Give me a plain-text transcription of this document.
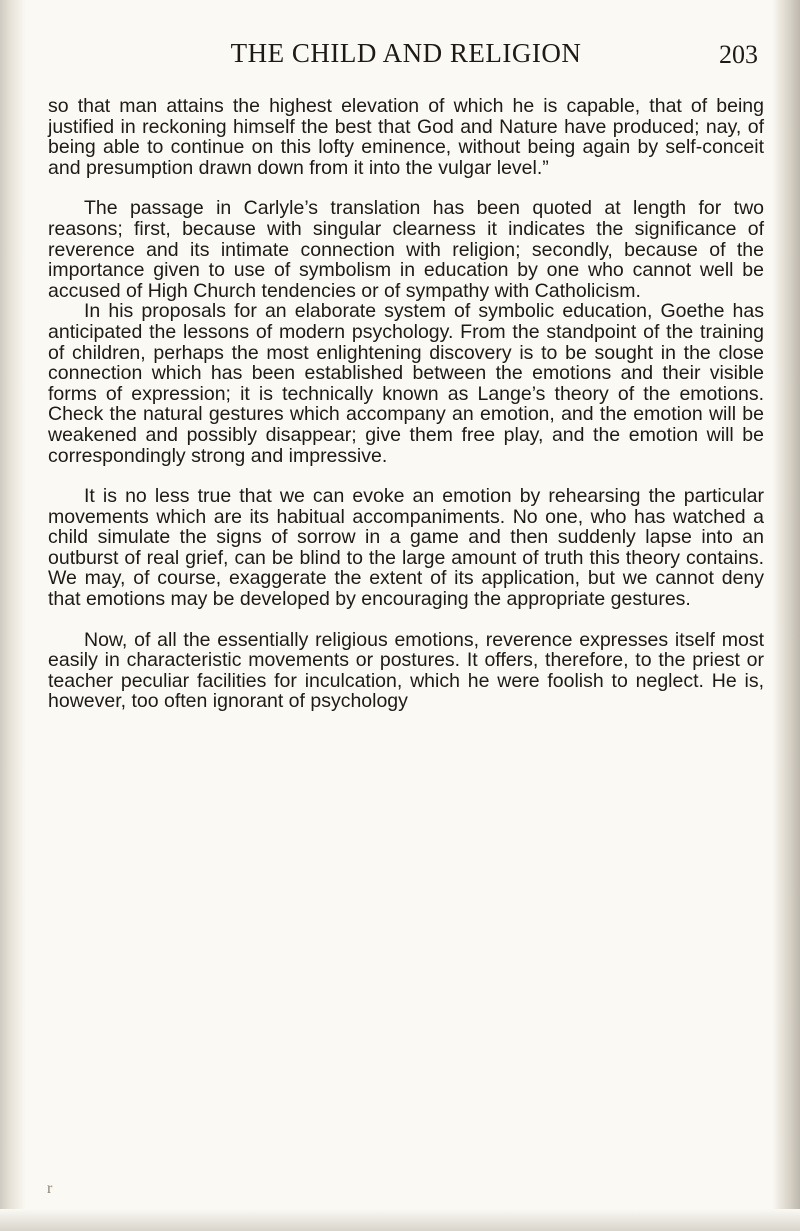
THE CHILD AND RELIGION	203

so that man attains the highest elevation of which he is capable, that of being justified in reckoning himself the best that God and Nature have produced; nay, of being able to continue on this lofty eminence, without being again by self-conceit and presumption drawn down from it into the vulgar level.”

The passage in Carlyle’s translation has been quoted at length for two reasons; first, because with singular clearness it indicates the significance of reverence and its intimate connection with religion; secondly, because of the importance given to use of symbolism in education by one who cannot well be accused of High Church tendencies or of sympathy with Catholicism.

In his proposals for an elaborate system of symbolic education, Goethe has anticipated the lessons of modern psychology. From the standpoint of the training of children, perhaps the most enlightening discovery is to be sought in the close connection which has been established between the emotions and their visible forms of expression; it is technically known as Lange’s theory of the emotions. Check the natural gestures which accompany an emotion, and the emotion will be weakened and possibly disappear; give them free play, and the emotion will be correspondingly strong and impressive.

It is no less true that we can evoke an emotion by rehearsing the particular movements which are its habitual accompaniments. No one, who has watched a child simulate the signs of sorrow in a game and then suddenly lapse into an outburst of real grief, can be blind to the large amount of truth this theory contains. We may, of course, exaggerate the extent of its application, but we cannot deny that emotions may be developed by encouraging the appropriate gestures.

Now, of all the essentially religious emotions, reverence expresses itself most easily in characteristic movements or postures. It offers, therefore, to the priest or teacher peculiar facilities for inculcation, which he were foolish to neglect. He is, however, too often ignorant of psychology

r
